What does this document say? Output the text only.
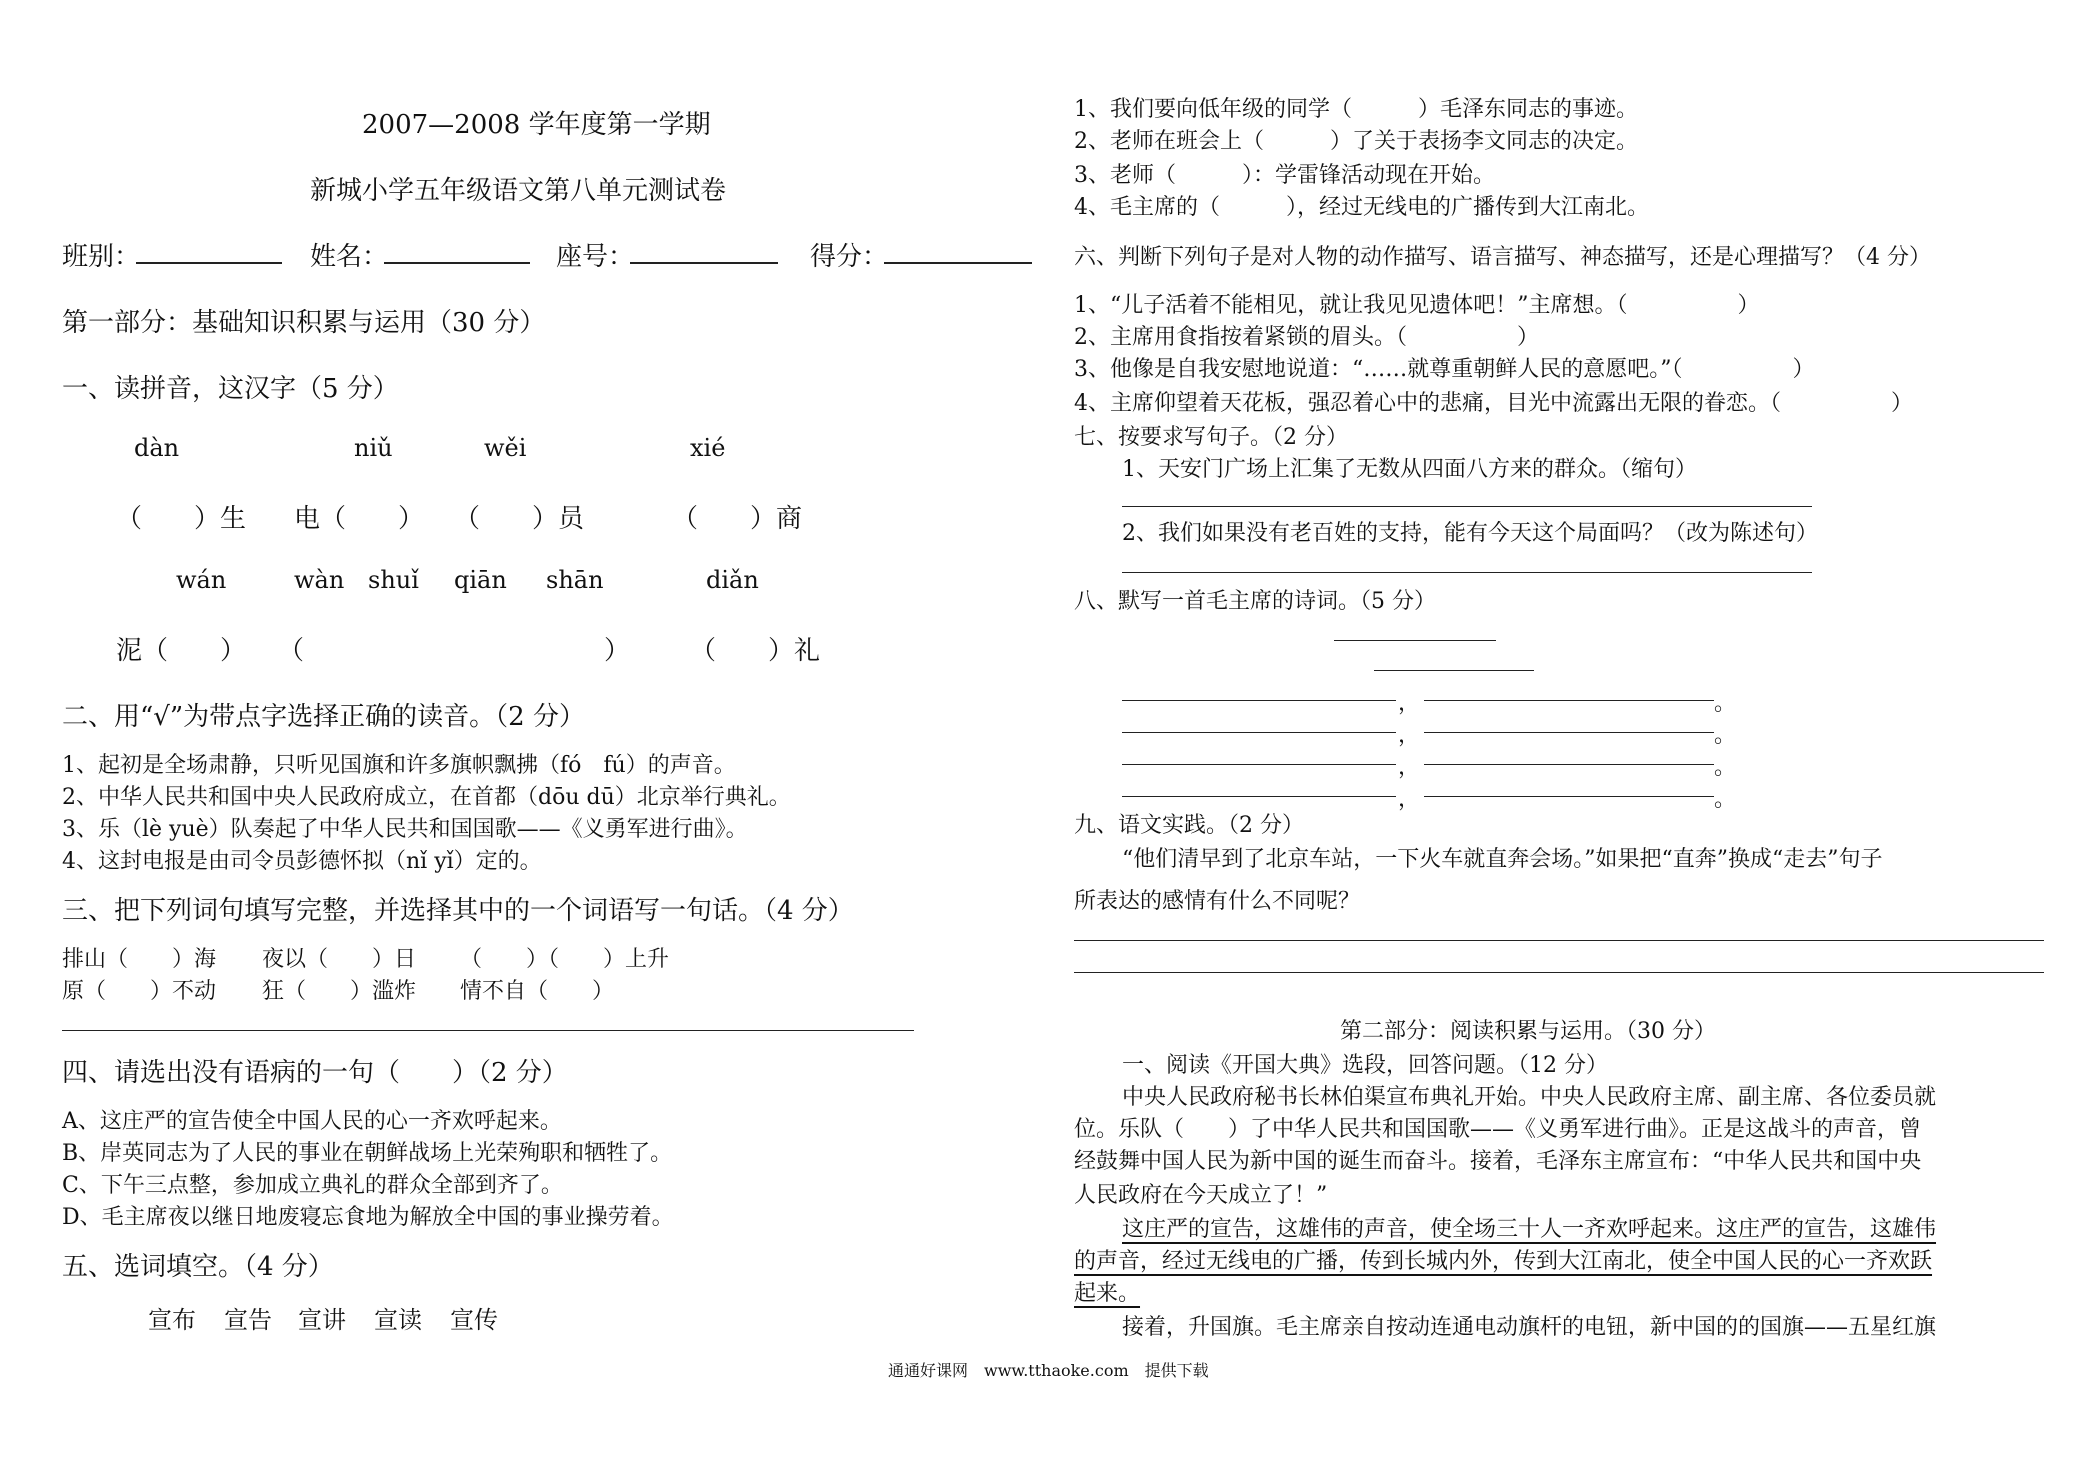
2007—2008 学年度第一学期
新城小学五年级语文第八单元测试卷
班别：	姓名：	座号：	得分：
第一部分：基础知识积累与运用（30 分）
一、读拼音，这汉字（5 分）
dàn	niǔ	wěi	xié
（　　）生 电（　　） （　　）员	（　　）商
wán	wàn shuǐ qiān shān	diǎn
泥（　　） （	） （　　）礼
二、用“√”为带点字选择正确的读音。（2 分）
1、起初是全场肃静，只听见国旗和许多旗帜飘拂（fó　fú）的声音。
2、中华人民共和国中央人民政府成立，在首都（dōu dū）北京举行典礼。
3、乐（lè yuè）队奏起了中华人民共和国国歌——《义勇军进行曲》。
4、这封电报是由司令员彭德怀拟（nǐ yǐ）定的。
三、把下列词句填写完整，并选择其中的一个词语写一句话。（4 分）
排山（　　）海 夜以（　　）日 （　　）（　　）上升
原（　　）不动 狂（　　）滥炸 情不自（　　）
四、请选出没有语病的一句（　　）（2 分）
A、这庄严的宣告使全中国人民的心一齐欢呼起来。
B、岸英同志为了人民的事业在朝鲜战场上光荣殉职和牺牲了。
C、下午三点整，参加成立典礼的群众全部到齐了。
D、毛主席夜以继日地废寝忘食地为解放全中国的事业操劳着。
五、选词填空。（4 分）
宣布 宣告 宣讲 宣读 宣传
1、我们要向低年级的同学（　　　）毛泽东同志的事迹。
2、老师在班会上（　　　）了关于表扬李文同志的决定。
3、老师（　　　）：学雷锋活动现在开始。
4、毛主席的（　　　），经过无线电的广播传到大江南北。
六、判断下列句子是对人物的动作描写、语言描写、神态描写，还是心理描写？（4 分）
1、“儿子活着不能相见，就让我见见遗体吧！”主席想。（　　　　　）
2、主席用食指按着紧锁的眉头。（　　　　　）
3、他像是自我安慰地说道：“……就尊重朝鲜人民的意愿吧。”（　　　　　）
4、主席仰望着天花板，强忍着心中的悲痛，目光中流露出无限的眷恋。（　　　　　）
七、按要求写句子。（2 分）
1、天安门广场上汇集了无数从四面八方来的群众。（缩句）
2、我们如果没有老百姓的支持，能有今天这个局面吗？（改为陈述句）
八、默写一首毛主席的诗词。（5 分）
，	。
，	。
，	。
，	。
九、语文实践。（2 分）
“他们清早到了北京车站，一下火车就直奔会场。”如果把“直奔”换成“走去”句子
所表达的感情有什么不同呢？
第二部分：阅读积累与运用。（30 分）
一、阅读《开国大典》选段，回答问题。（12 分）
中央人民政府秘书长林伯渠宣布典礼开始。中央人民政府主席、副主席、各位委员就
位。乐队（　　）了中华人民共和国国歌——《义勇军进行曲》。正是这战斗的声音，曾
经鼓舞中国人民为新中国的诞生而奋斗。接着，毛泽东主席宣布：“中华人民共和国中央
人民政府在今天成立了！”
这庄严的宣告，这雄伟的声音，使全场三十人一齐欢呼起来。这庄严的宣告，这雄伟
的声音，经过无线电的广播，传到长城内外，传到大江南北，使全中国人民的心一齐欢跃
起来。
接着，升国旗。毛主席亲自按动连通电动旗杆的电钮，新中国的的国旗——五星红旗
通通好课网　www.tthaoke.com　提供下载
